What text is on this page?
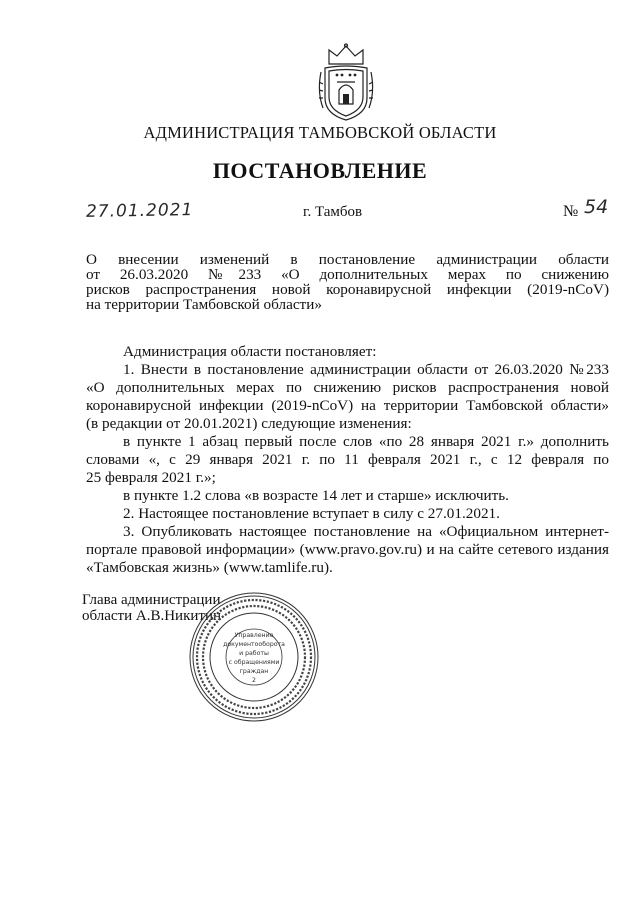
АДМИНИСТРАЦИЯ ТАМБОВСКОЙ ОБЛАСТИ
ПОСТАНОВЛЕНИЕ
27.01.2021	г. Тамбов	№ 54
О внесении изменений в постановление администрации области
от 26.03.2020 №233 «О дополнительных мерах по снижению
рисков распространения новой коронавирусной инфекции (2019-nCoV)
на территории Тамбовской области»

Администрация области постановляет:

1. Внести в постановление администрации области от 26.03.2020 №233
«О дополнительных мерах по снижению рисков распространения новой
коронавирусной инфекции (2019-nCoV) на территории Тамбовской области»
(в редакции от 20.01.2021) следующие изменения:
в пункте 1 абзац первый после слов «по 28 января 2021 г.» дополнить
словами «, с 29 января 2021 г. по 11 февраля 2021 г., с 12 февраля по
25 февраля 2021 г.»;

в пункте 1.2 слова «в возрасте 14 лет и старше» исключить.

2. Настоящее постановление вступает в силу с 27.01.2021.

3. Опубликовать настоящее постановление на «Официальном интернет-
портале правовой информации» (www.pravo.gov.ru) и на сайте сетевого издания
«Тамбовская жизнь» (www.tamlife.ru).
Глава администрации
области А.В.Никитин
Управление
документооборота
и работы
с обращениями
граждан
2
